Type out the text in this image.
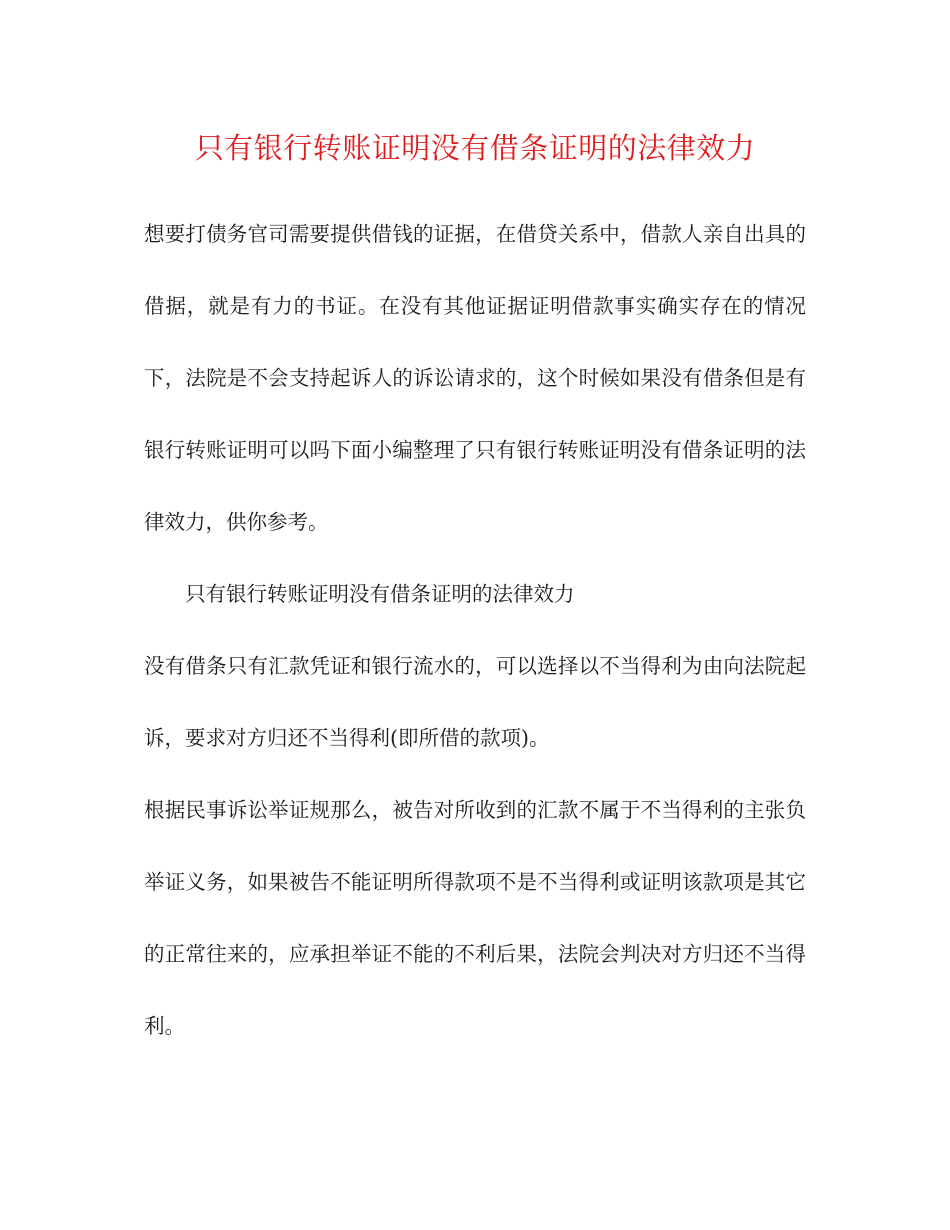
只有银行转账证明没有借条证明的法律效力

想要打债务官司需要提供借钱的证据，在借贷关系中，借款人亲自出具的借据，就是有力的书证。在没有其他证据证明借款事实确实存在的情况下，法院是不会支持起诉人的诉讼请求的，这个时候如果没有借条但是有银行转账证明可以吗下面小编整理了只有银行转账证明没有借条证明的法律效力，供你参考。

只有银行转账证明没有借条证明的法律效力

没有借条只有汇款凭证和银行流水的，可以选择以不当得利为由向法院起诉，要求对方归还不当得利(即所借的款项)。

根据民事诉讼举证规那么，被告对所收到的汇款不属于不当得利的主张负举证义务，如果被告不能证明所得款项不是不当得利或证明该款项是其它的正常往来的，应承担举证不能的不利后果，法院会判决对方归还不当得利。
